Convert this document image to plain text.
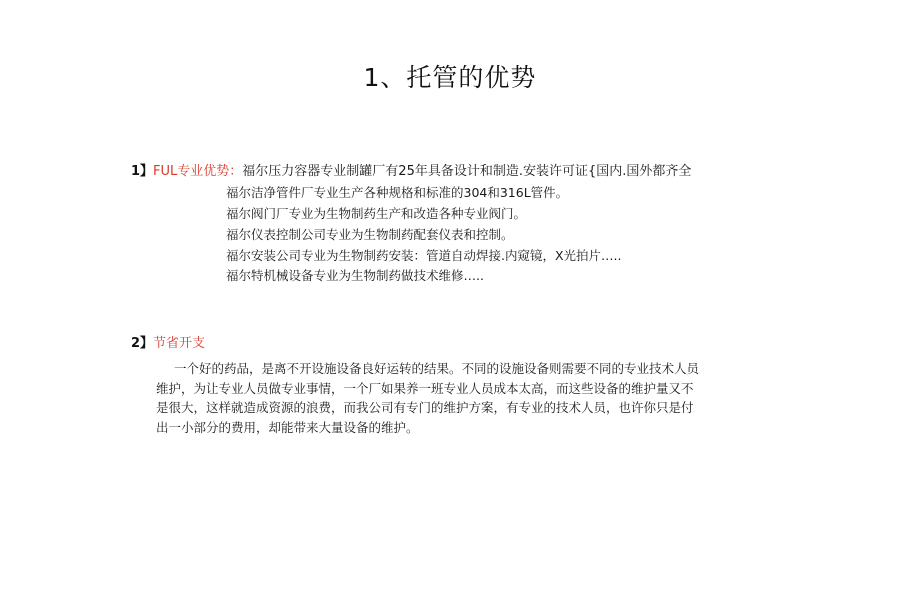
1、托管的优势
1】FUL专业优势：福尔压力容器专业制罐厂有25年具备设计和制造.安装许可证{国内.国外都齐全
福尔洁净管件厂专业生产各种规格和标准的304和316L管件。
福尔阀门厂专业为生物制药生产和改造各种专业阀门。
福尔仪表控制公司专业为生物制药配套仪表和控制。
福尔安装公司专业为生物制药安装：管道自动焊接.内窥镜，X光拍片…..
福尔特机械设备专业为生物制药做技术维修…..
2】节省开支
一个好的药品，是离不开设施设备良好运转的结果。不同的设施设备则需要不同的专业技术人员
维护，为让专业人员做专业事情，一个厂如果养一班专业人员成本太高，而这些设备的维护量又不
是很大，这样就造成资源的浪费，而我公司有专门的维护方案，有专业的技术人员，也许你只是付
出一小部分的费用，却能带来大量设备的维护。
